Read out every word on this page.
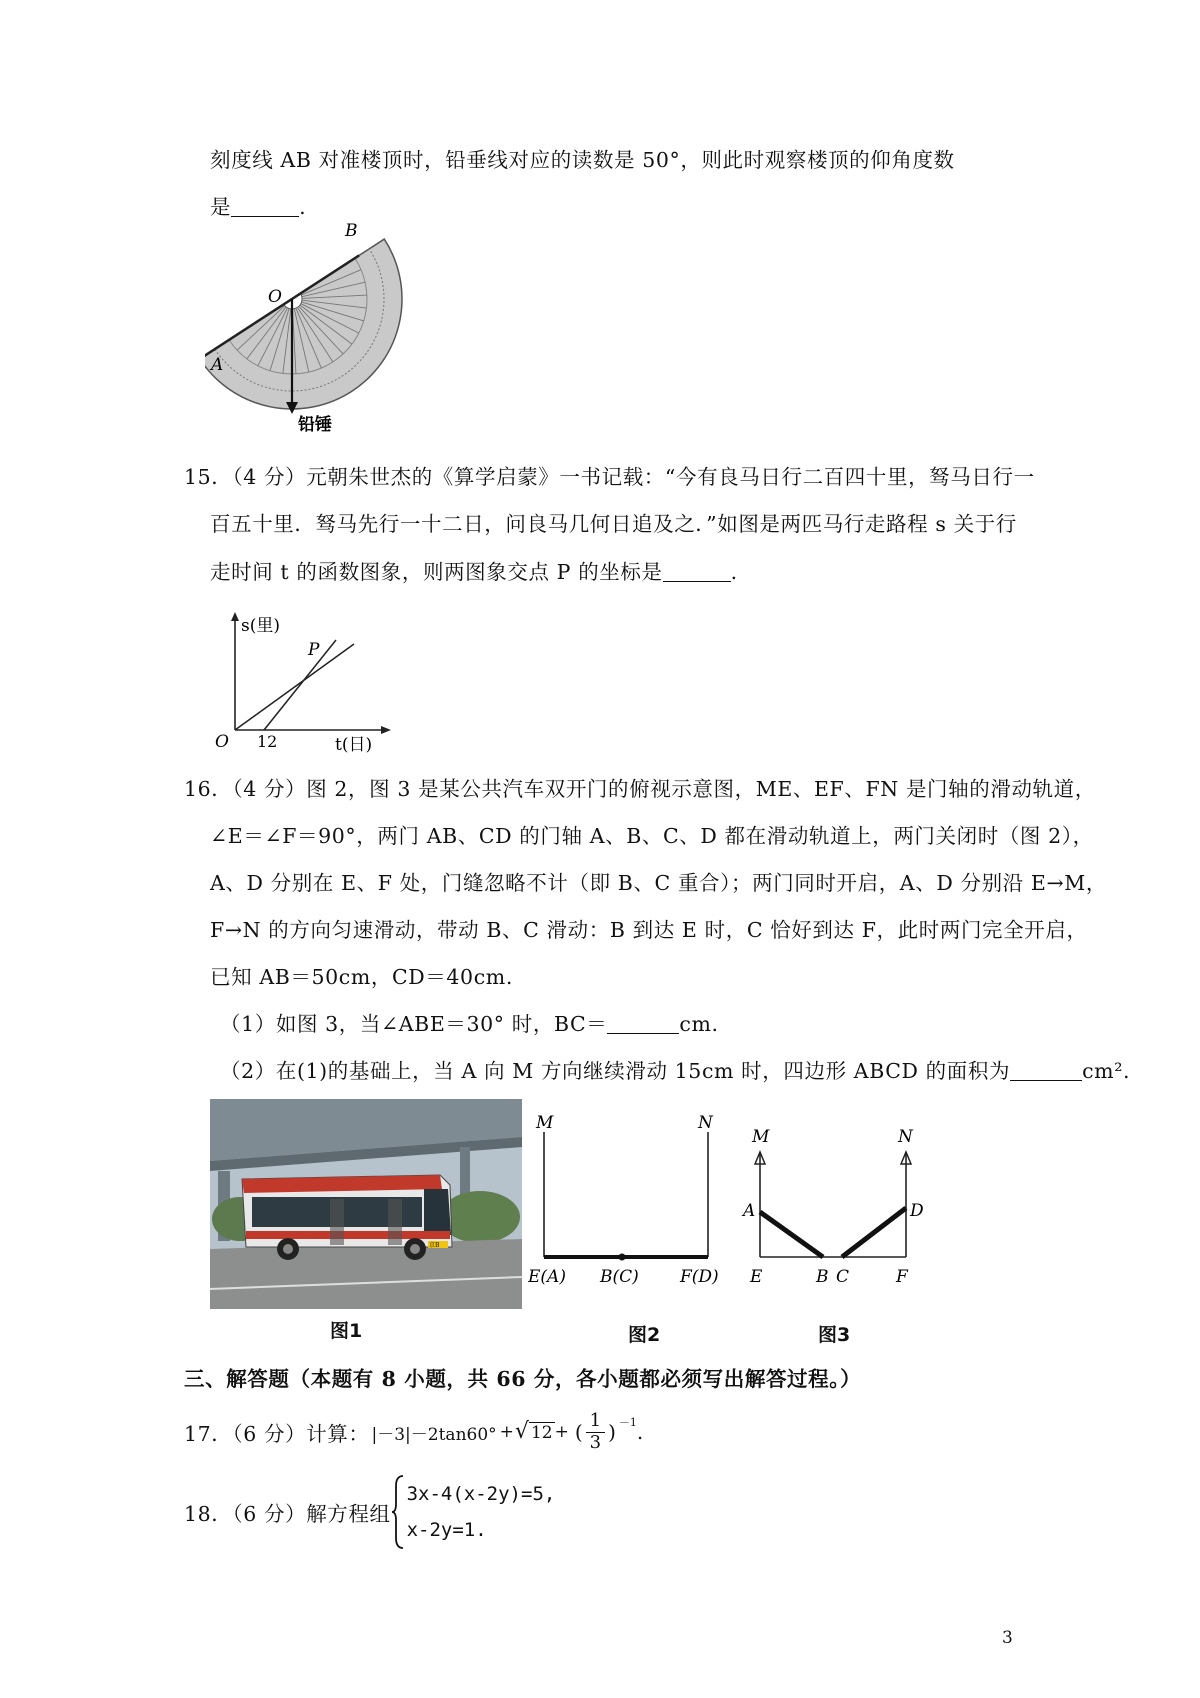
刻度线 AB 对准楼顶时，铅垂线对应的读数是 50°，则此时观察楼顶的仰角度数
是	.
A
B
O
铅锤
15．（4 分）元朝朱世杰的《算学启蒙》一书记载：“今有良马日行二百四十里，驽马日行一
百五十里．驽马先行一十二日，问良马几何日追及之．”如图是两匹马行走路程 s 关于行
走时间 t 的函数图象，则两图象交点 P 的坐标是	.
s(里)
t(日)
O 12
P
16．（4 分）图 2，图 3 是某公共汽车双开门的俯视示意图，ME、EF、FN 是门轴的滑动轨道，
∠E＝∠F＝90°，两门 AB、CD 的门轴 A、B、C、D 都在滑动轨道上，两门关闭时（图 2），
A、D 分别在 E、F 处，门缝忽略不计（即 B、C 重合）；两门同时开启，A、D 分别沿 E→M，
F→N 的方向匀速滑动，带动 B、C 滑动：B 到达 E 时，C 恰好到达 F，此时两门完全开启，
已知 AB＝50cm，CD＝40cm.
（1）如图 3，当∠ABE＝30° 时，BC＝	cm.
（2）在(1)的基础上，当 A 向 M 方向继续滑动 15cm 时，四边形 ABCD 的面积为	cm².
京B
图1
M	N
E(A) B(C) F(D)
图2
M	N
A	D
E	B C	F
图3
三、解答题（本题有 8 小题，共 66 分，各小题都必须写出解答过程。）
17．（6 分）计算： |－3| －2tan60° + √ 12 + ( $\frac{1}{3}$ ) －1 .
18．（6 分）解方程组
3x-4(x-2y)=5,
x-2y=1.
3
